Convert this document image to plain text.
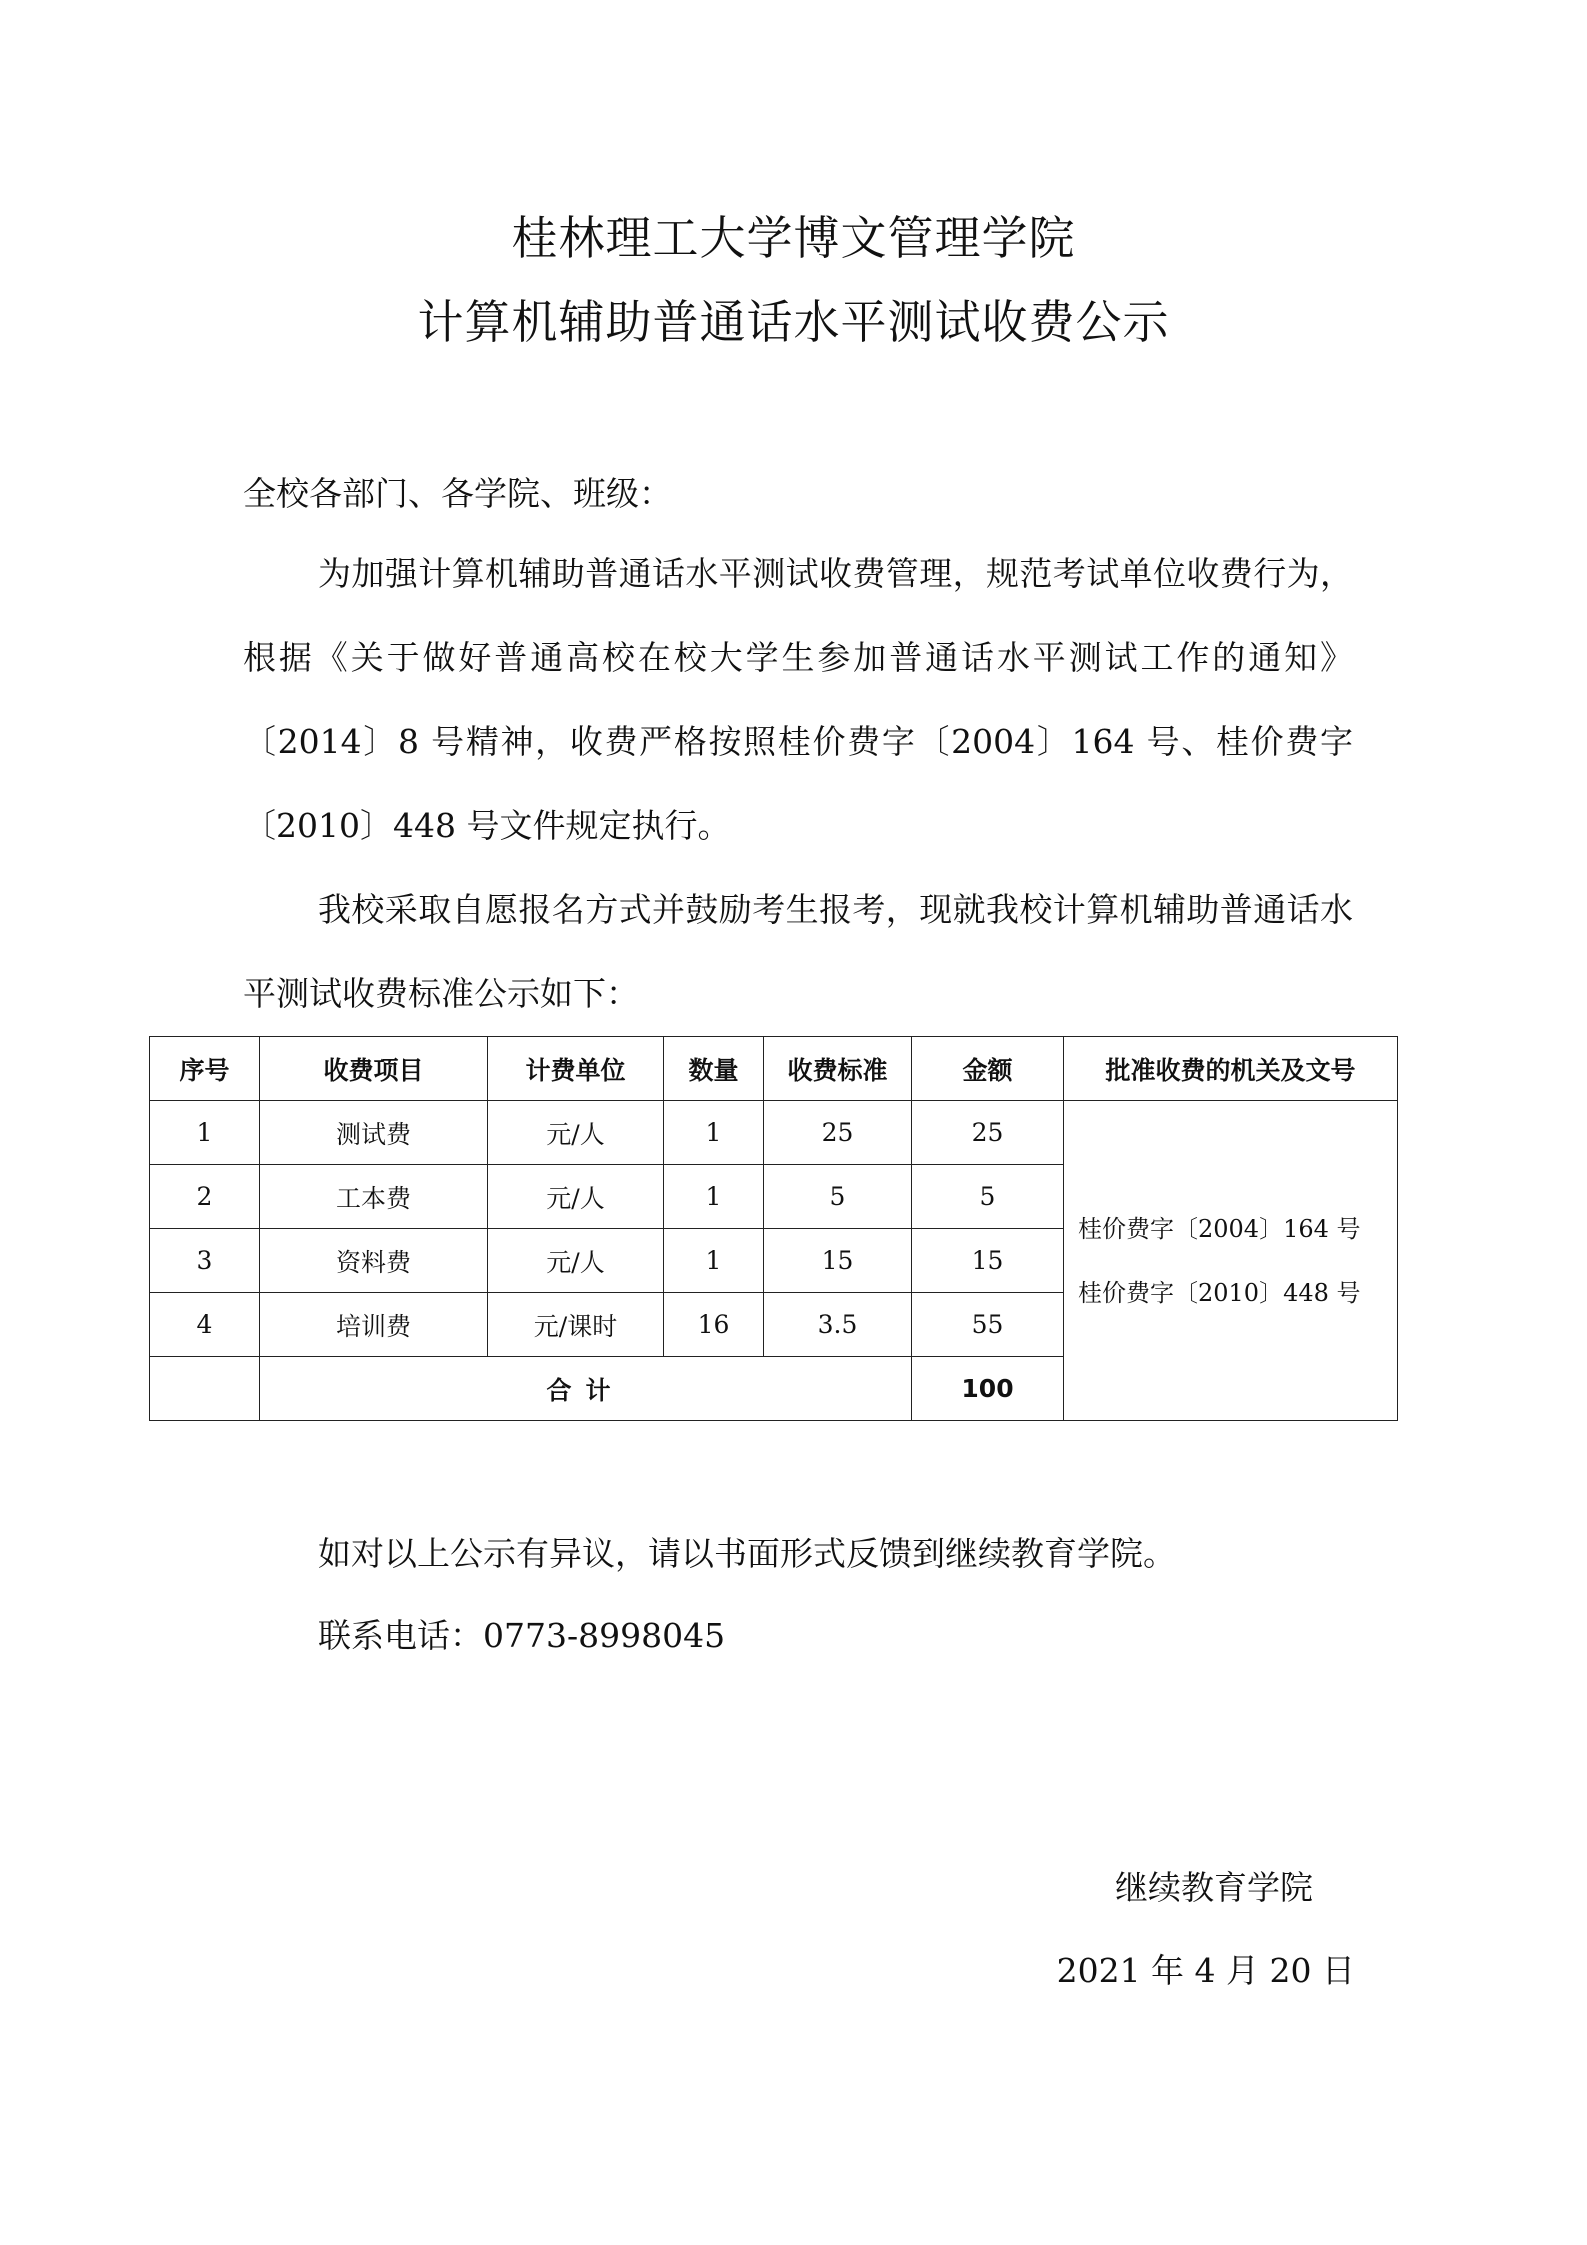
桂林理工大学博文管理学院
计算机辅助普通话水平测试收费公示

全校各部门、各学院、班级：

为加强计算机辅助普通话水平测试收费管理，规范考试单位收费行为，根据《关于做好普通高校在校大学生参加普通话水平测试工作的通知》〔2014〕8 号精神，收费严格按照桂价费字〔2004〕164 号、桂价费字〔2010〕448 号文件规定执行。

我校采取自愿报名方式并鼓励考生报考，现就我校计算机辅助普通话水平测试收费标准公示如下：

序号	收费项目	计费单位	数量	收费标准	金额	批准收费的机关及文号
1	测试费	元/人	1	25	25	桂价费字〔2004〕164 号
桂价费字〔2010〕448 号

2	工本费	元/人	1	5	5	
3	资料费	元/人	1	15	15	
4	培训费	元/课时	16	3.5	55	
	合计				100	

如对以上公示有异议，请以书面形式反馈到继续教育学院。

联系电话：0773-8998045

继续教育学院

2021 年 4 月 20 日
